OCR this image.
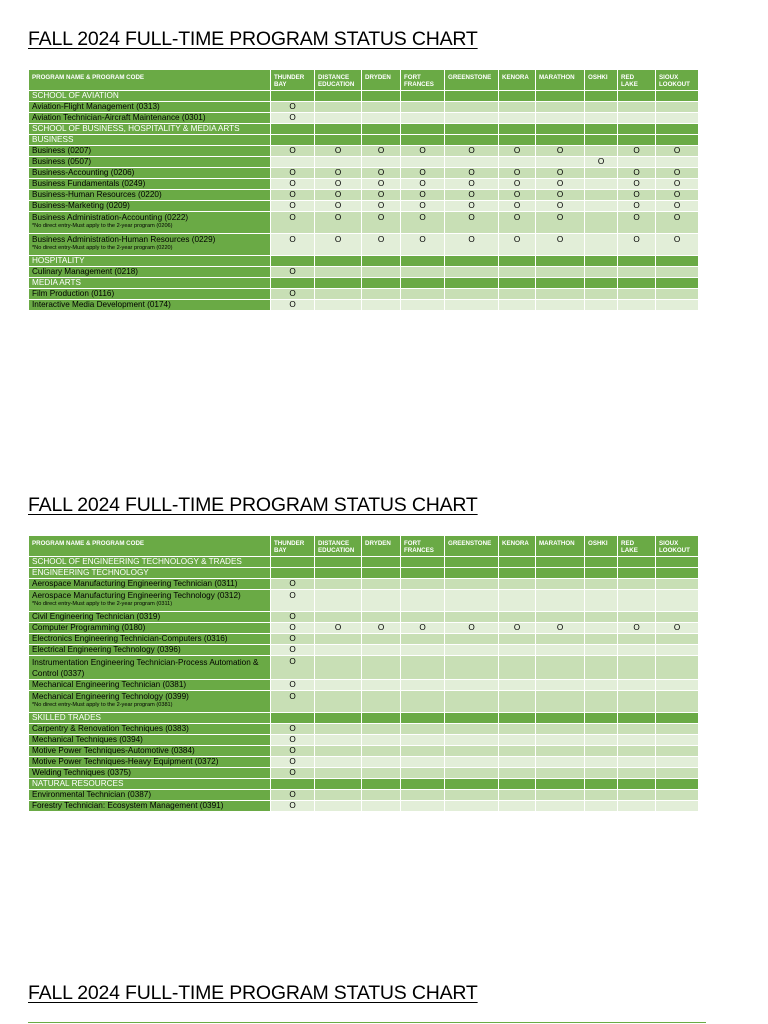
FALL 2024 FULL-TIME PROGRAM STATUS CHART
PROGRAM NAME & PROGRAM CODE	THUNDER BAY	DISTANCE EDUCATION	DRYDEN	FORT FRANCES	GREENSTONE	KENORA	MARATHON	OSHKI	RED LAKE	SIOUX LOOKOUT
SCHOOL OF AVIATION										
Aviation-Flight Management (0313)	O									
Aviation Technician-Aircraft Maintenance (0301)	O									
SCHOOL OF BUSINESS, HOSPITALITY & MEDIA ARTS										
BUSINESS										
Business (0207)	O	O	O	O	O	O	O		O	O
Business (0507)								O		
Business-Accounting (0206)	O	O	O	O	O	O	O		O	O
Business Fundamentals (0249)	O	O	O	O	O	O	O		O	O
Business-Human Resources (0220)	O	O	O	O	O	O	O		O	O
Business-Marketing (0209)	O	O	O	O	O	O	O		O	O
Business Administration-Accounting (0222)
*No direct entry-Must apply to the 2-year program (0206)	O	O	O	O	O	O	O		O	O
Business Administration-Human Resources (0229)
*No direct entry-Must apply to the 2-year program (0220)	O	O	O	O	O	O	O		O	O
HOSPITALITY										
Culinary Management (0218)	O									
MEDIA ARTS										
Film Production (0116)	O									
Interactive Media Development (0174)	O									
FALL 2024 FULL-TIME PROGRAM STATUS CHART
PROGRAM NAME & PROGRAM CODE	THUNDER BAY	DISTANCE EDUCATION	DRYDEN	FORT FRANCES	GREENSTONE	KENORA	MARATHON	OSHKI	RED LAKE	SIOUX LOOKOUT
SCHOOL OF ENGINEERING TECHNOLOGY & TRADES										
ENGINEERING TECHNOLOGY										
Aerospace Manufacturing Engineering Technician (0311)	O									
Aerospace Manufacturing Engineering Technology (0312)
*No direct entry-Must apply to the 2-year program (0311)	O									
Civil Engineering Technician (0319)	O									
Computer Programming (0180)	O	O	O	O	O	O	O		O	O
Electronics Engineering Technician-Computers (0316)	O									
Electrical Engineering Technology (0396)	O									
Instrumentation Engineering Technician-Process Automation & Control (0337)	O									
Mechanical Engineering Technician (0381)	O									
Mechanical Engineering Technology (0399)
*No direct entry-Must apply to the 2-year program (0381)	O									
SKILLED TRADES										
Carpentry & Renovation Techniques (0383)	O									
Mechanical Techniques (0394)	O									
Motive Power Techniques-Automotive (0384)	O									
Motive Power Techniques-Heavy Equipment (0372)	O									
Welding Techniques (0375)	O									
NATURAL RESOURCES										
Environmental Technician (0387)	O									
Forestry Technician: Ecosystem Management (0391)	O									
FALL 2024 FULL-TIME PROGRAM STATUS CHART
